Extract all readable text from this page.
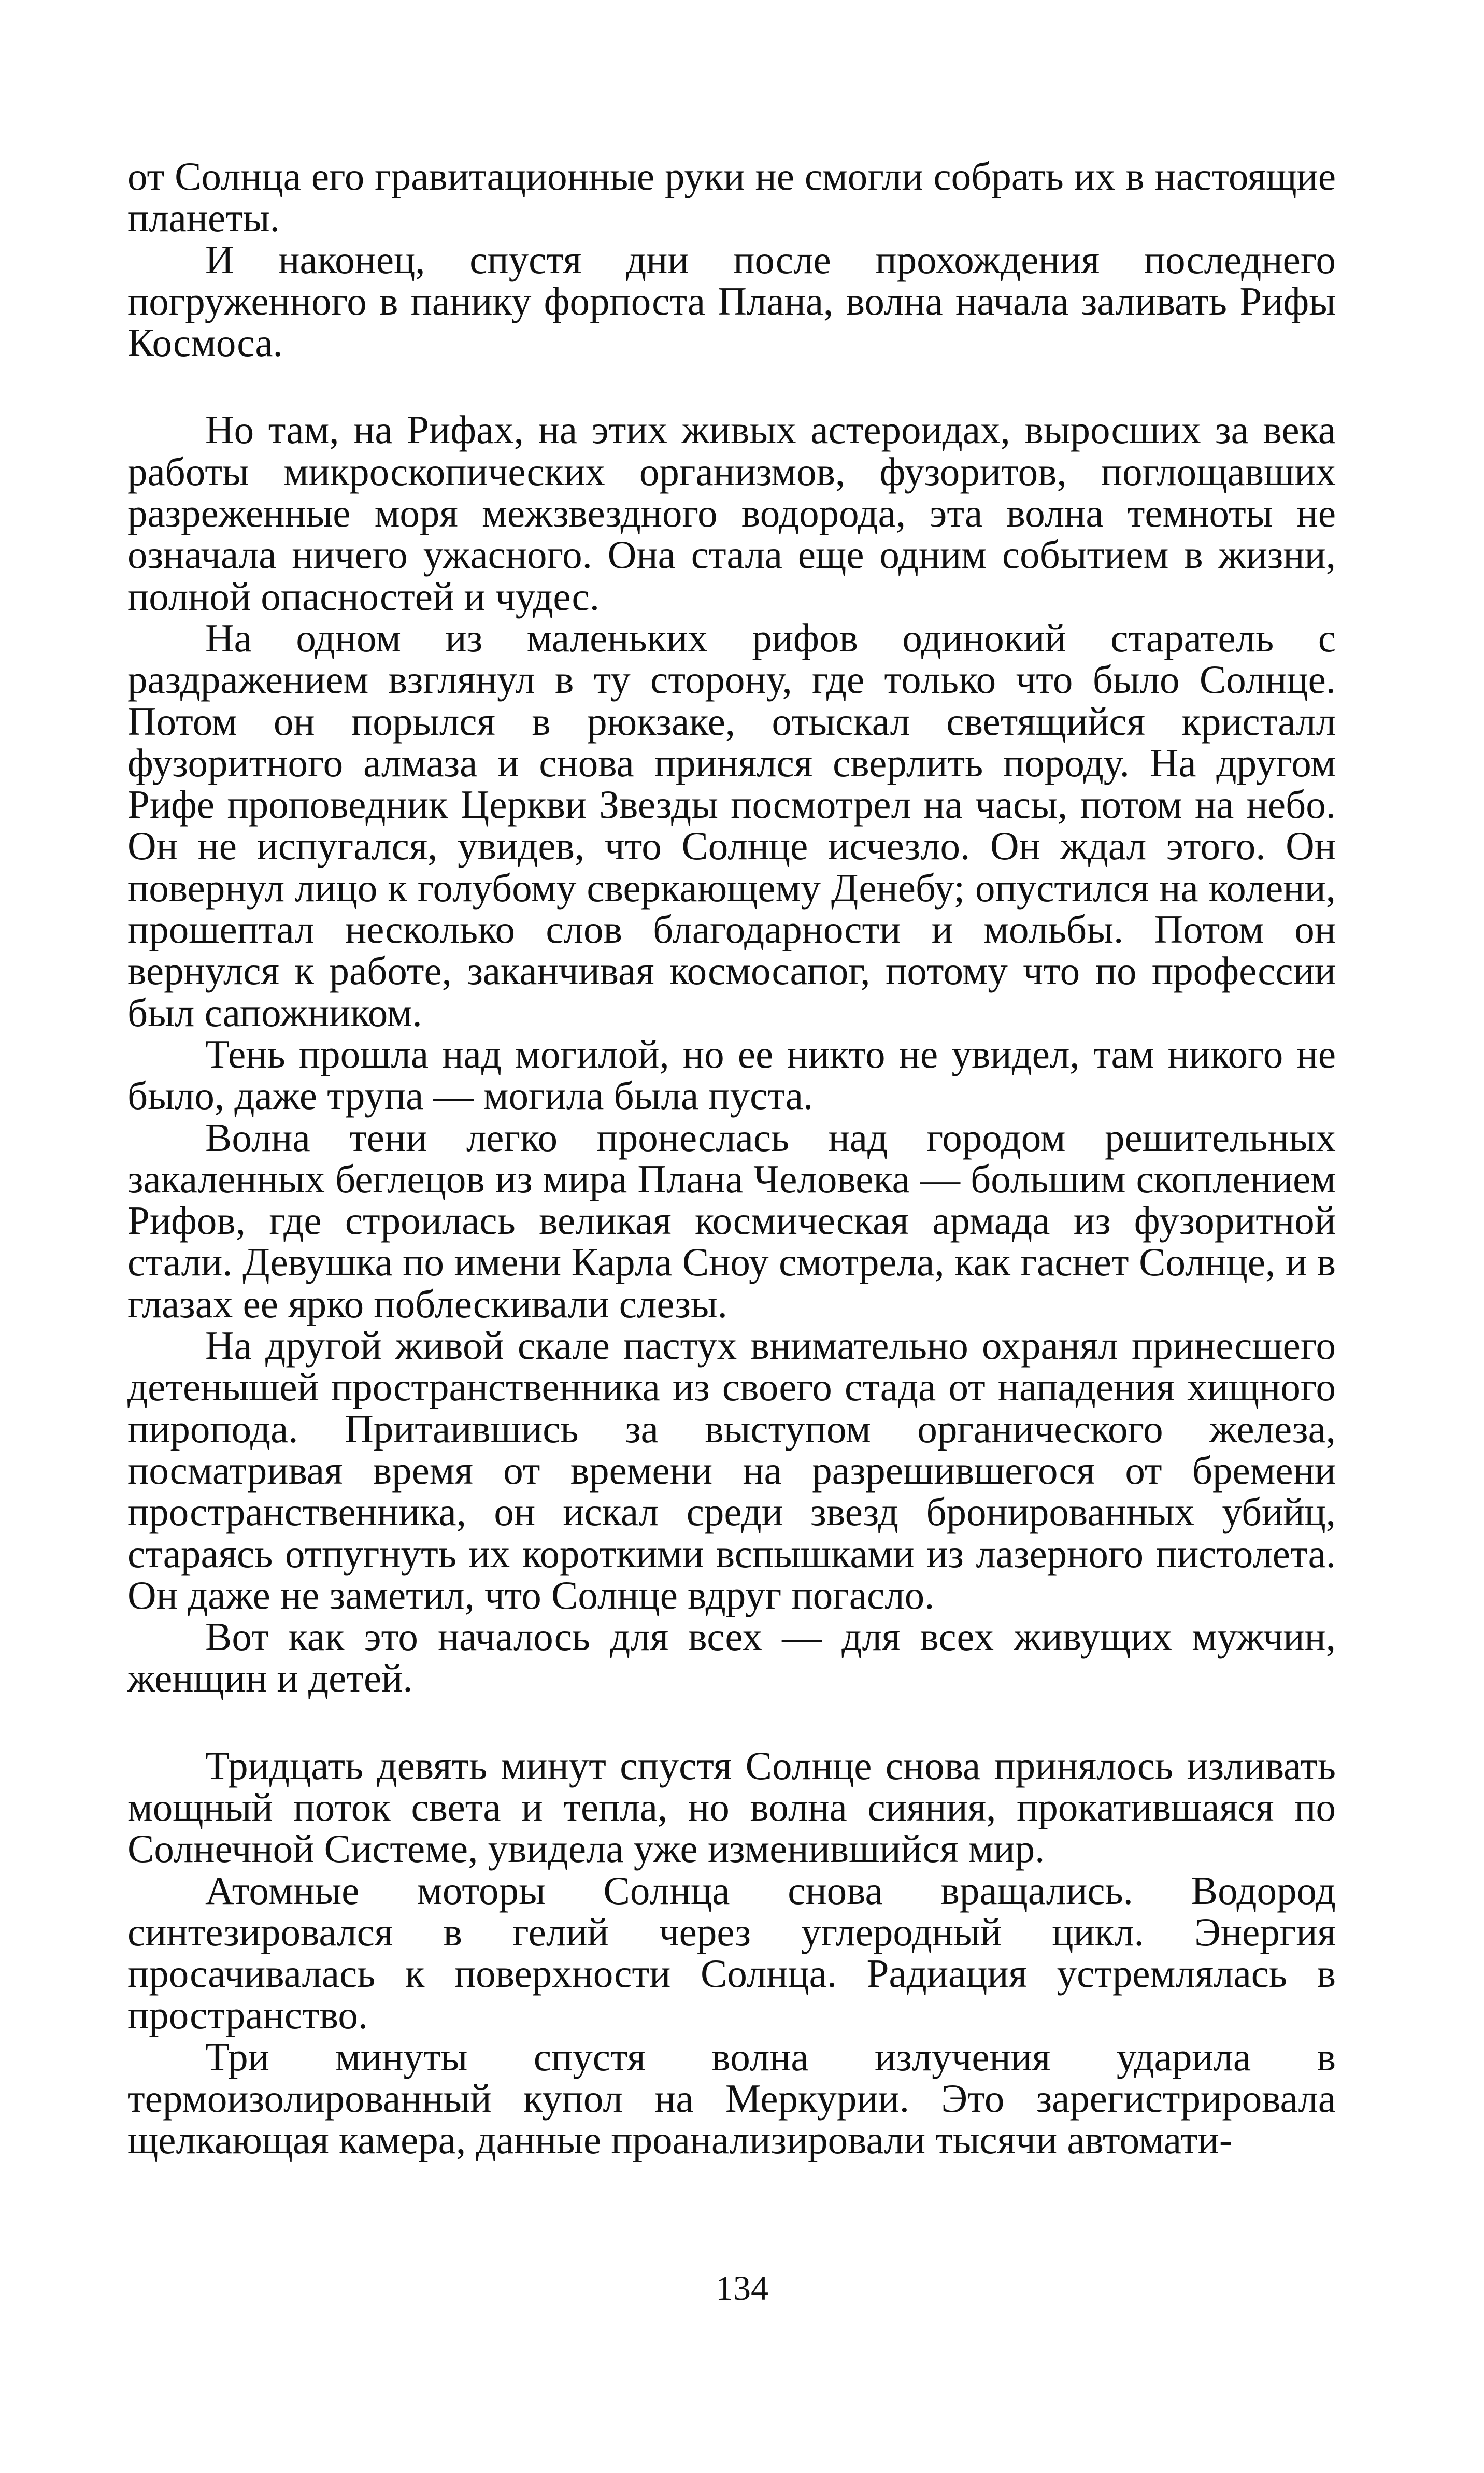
от Солнца его гравитационные руки не смогли собрать их в настоящие планеты.

И наконец, спустя дни после прохождения последнего погруженного в панику форпоста Плана, волна начала заливать Рифы Космоса.

Но там, на Рифах, на этих живых астероидах, выросших за века работы микроскопических организмов, фузоритов, поглощавших разреженные моря межзвездного водорода, эта волна темноты не означала ничего ужасного. Она стала еще одним событием в жизни, полной опасностей и чудес.

На одном из маленьких рифов одинокий старатель с раздражением взглянул в ту сторону, где только что было Солнце. Потом он порылся в рюкзаке, отыскал светящийся кристалл фузоритного алмаза и снова принялся сверлить породу. На другом Рифе проповедник Церкви Звезды посмотрел на часы, потом на небо. Он не испугался, увидев, что Солнце исчезло. Он ждал этого. Он повернул лицо к голубому сверкающему Денебу; опустился на колени, прошептал несколько слов благодарности и мольбы. Потом он вернулся к работе, заканчивая космосапог, потому что по профессии был сапожником.

Тень прошла над могилой, но ее никто не увидел, там никого не было, даже трупа — могила была пуста.

Волна тени легко пронеслась над городом решительных закаленных беглецов из мира Плана Человека — большим скоплением Рифов, где строилась великая космическая армада из фузоритной стали. Девушка по имени Карла Сноу смотрела, как гаснет Солнце, и в глазах ее ярко поблескивали слезы.

На другой живой скале пастух внимательно охранял принесшего детенышей пространственника из своего стада от нападения хищного пиропода. Притаившись за выступом органического железа, посматривая время от времени на разрешившегося от бремени пространственника, он искал среди звезд бронированных убийц, стараясь отпугнуть их короткими вспышками из лазерного пистолета. Он даже не заметил, что Солнце вдруг погасло.

Вот как это началось для всех — для всех живущих мужчин, женщин и детей.

Тридцать девять минут спустя Солнце снова принялось изливать мощный поток света и тепла, но волна сияния, прокатившаяся по Солнечной Системе, увидела уже изменившийся мир.

Атомные моторы Солнца снова вращались. Водород синтезировался в гелий через углеродный цикл. Энергия просачивалась к поверхности Солнца. Радиация устремлялась в пространство.

Три минуты спустя волна излучения ударила в термоизолированный купол на Меркурии. Это зарегистрировала щелкающая камера, данные проанализировали тысячи автомати-

134
